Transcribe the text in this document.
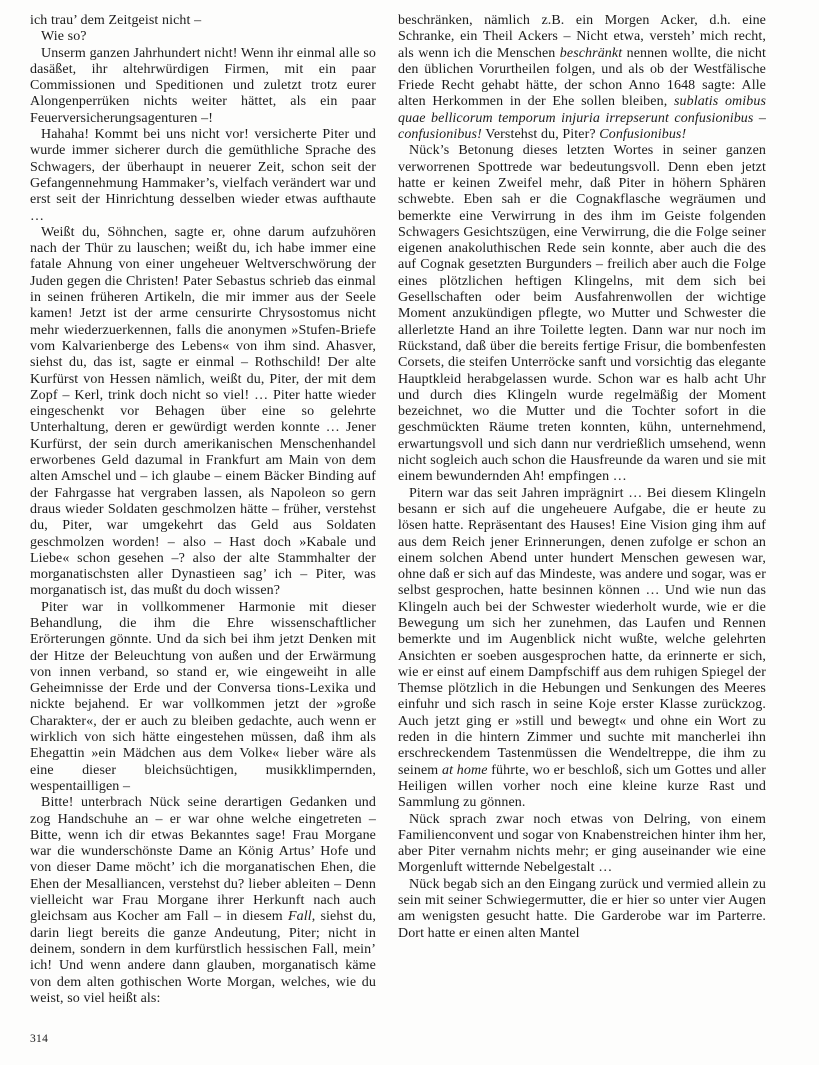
ich trau’ dem Zeitgeist nicht –

Wie so?

Unserm ganzen Jahrhundert nicht! Wenn ihr einmal alle so dasäßet, ihr altehrwürdigen Firmen, mit ein paar Commissionen und Speditionen und zuletzt trotz eurer Alongenperrüken nichts weiter hättet, als ein paar Feuerversicherungsagenturen –!

Hahaha! Kommt bei uns nicht vor! versicherte Piter und wurde immer sicherer durch die gemüthliche Sprache des Schwagers, der überhaupt in neuerer Zeit, schon seit der Gefangennehmung Hammaker’s, vielfach verändert war und erst seit der Hinrichtung desselben wieder etwas aufthaute …

Weißt du, Söhnchen, sagte er, ohne darum aufzuhören nach der Thür zu lauschen; weißt du, ich habe immer eine fatale Ahnung von einer ungeheuer Weltverschwörung der Juden gegen die Christen! Pater Sebastus schrieb das einmal in seinen früheren Artikeln, die mir immer aus der Seele kamen! Jetzt ist der arme censurirte Chrysostomus nicht mehr wiederzuerkennen, falls die anonymen »Stufen-Briefe vom Kalvarienberge des Lebens« von ihm sind. Ahasver, siehst du, das ist, sagte er einmal – Rothschild! Der alte Kurfürst von Hessen nämlich, weißt du, Piter, der mit dem Zopf – Kerl, trink doch nicht so viel! … Piter hatte wieder eingeschenkt vor Behagen über eine so gelehrte Unterhaltung, deren er gewürdigt werden konnte … Jener Kurfürst, der sein durch amerikanischen Menschenhandel erworbenes Geld dazumal in Frankfurt am Main von dem alten Amschel und – ich glaube – einem Bäcker Binding auf der Fahrgasse hat vergraben lassen, als Napoleon so gern draus wieder Soldaten geschmolzen hätte – früher, verstehst du, Piter, war umgekehrt das Geld aus Soldaten geschmolzen worden! – also – Hast doch »Kabale und Liebe« schon gesehen –? also der alte Stammhalter der morganatischsten aller Dynastieen sag’ ich – Piter, was morganatisch ist, das mußt du doch wissen?

Piter war in vollkommener Harmonie mit dieser Behandlung, die ihm die Ehre wissenschaftlicher Erörterungen gönnte. Und da sich bei ihm jetzt Denken mit der Hitze der Beleuchtung von außen und der Erwärmung von innen verband, so stand er, wie eingeweiht in alle Geheimnisse der Erde und der Conversa tions-Lexika und nickte bejahend. Er war vollkommen jetzt der »große Charakter«, der er auch zu bleiben gedachte, auch wenn er wirklich von sich hätte eingestehen müssen, daß ihm als Ehegattin »ein Mädchen aus dem Volke« lieber wäre als eine dieser bleichsüchtigen, musikklimpernden, wespentailligen –

Bitte! unterbrach Nück seine derartigen Gedanken und zog Handschuhe an – er war ohne welche eingetreten – Bitte, wenn ich dir etwas Bekanntes sage! Frau Morgane war die wunderschönste Dame an König Artus’ Hofe und von dieser Dame möcht’ ich die morganatischen Ehen, die Ehen der Mesalliancen, verstehst du? lieber ableiten – Denn vielleicht war Frau Morgane ihrer Herkunft nach auch gleichsam aus Kocher am Fall – in diesem Fall, siehst du, darin liegt bereits die ganze Andeutung, Piter; nicht in deinem, sondern in dem kurfürstlich hessischen Fall, mein’ ich! Und wenn andere dann glauben, morganatisch käme von dem alten gothischen Worte Morgan, welches, wie du weist, so viel heißt als:

beschränken, nämlich z.B. ein Morgen Acker, d.h. eine Schranke, ein Theil Ackers – Nicht etwa, versteh’ mich recht, als wenn ich die Menschen beschränkt nennen wollte, die nicht den üblichen Vorurtheilen folgen, und als ob der Westfälische Friede Recht gehabt hätte, der schon Anno 1648 sagte: Alle alten Herkommen in der Ehe sollen bleiben, sublatis omibus quae bellicorum temporum injuria irrepserunt confusionibus – confusionibus! Verstehst du, Piter? Confusionibus!

Nück’s Betonung dieses letzten Wortes in seiner ganzen verworrenen Spottrede war bedeutungsvoll. Denn eben jetzt hatte er keinen Zweifel mehr, daß Piter in höhern Sphären schwebte. Eben sah er die Cognakflasche wegräumen und bemerkte eine Verwirrung in des ihm im Geiste folgenden Schwagers Gesichtszügen, eine Verwirrung, die die Folge seiner eigenen anakoluthischen Rede sein konnte, aber auch die des auf Cognak gesetzten Burgunders – freilich aber auch die Folge eines plötzlichen heftigen Klingelns, mit dem sich bei Gesellschaften oder beim Ausfahrenwollen der wichtige Moment anzukündigen pflegte, wo Mutter und Schwester die allerletzte Hand an ihre Toilette legten. Dann war nur noch im Rückstand, daß über die bereits fertige Frisur, die bombenfesten Corsets, die steifen Unterröcke sanft und vorsichtig das elegante Hauptkleid herabgelassen wurde. Schon war es halb acht Uhr und durch dies Klingeln wurde regelmäßig der Moment bezeichnet, wo die Mutter und die Tochter sofort in die geschmückten Räume treten konnten, kühn, unternehmend, erwartungsvoll und sich dann nur verdrießlich umsehend, wenn nicht sogleich auch schon die Hausfreunde da waren und sie mit einem bewundernden Ah! empfingen …

Pitern war das seit Jahren imprägnirt … Bei diesem Klingeln besann er sich auf die ungeheuere Aufgabe, die er heute zu lösen hatte. Repräsentant des Hauses! Eine Vision ging ihm auf aus dem Reich jener Erinnerungen, denen zufolge er schon an einem solchen Abend unter hundert Menschen gewesen war, ohne daß er sich auf das Mindeste, was andere und sogar, was er selbst gesprochen, hatte besinnen können … Und wie nun das Klingeln auch bei der Schwester wiederholt wurde, wie er die Bewegung um sich her zunehmen, das Laufen und Rennen bemerkte und im Augenblick nicht wußte, welche gelehrten Ansichten er soeben ausgesprochen hatte, da erinnerte er sich, wie er einst auf einem Dampfschiff aus dem ruhigen Spiegel der Themse plötzlich in die Hebungen und Senkungen des Meeres einfuhr und sich rasch in seine Koje erster Klasse zurückzog. Auch jetzt ging er »still und bewegt« und ohne ein Wort zu reden in die hintern Zimmer und suchte mit mancherlei ihn erschreckendem Tastenmüssen die Wendeltreppe, die ihm zu seinem at home führte, wo er beschloß, sich um Gottes und aller Heiligen willen vorher noch eine kleine kurze Rast und Sammlung zu gönnen.

Nück sprach zwar noch etwas von Delring, von einem Familienconvent und sogar von Knabenstreichen hinter ihm her, aber Piter vernahm nichts mehr; er ging auseinander wie eine Morgenluft witternde Nebelgestalt …

Nück begab sich an den Eingang zurück und vermied allein zu sein mit seiner Schwiegermutter, die er hier so unter vier Augen am wenigsten gesucht hatte. Die Garderobe war im Parterre. Dort hatte er einen alten Mantel

314
